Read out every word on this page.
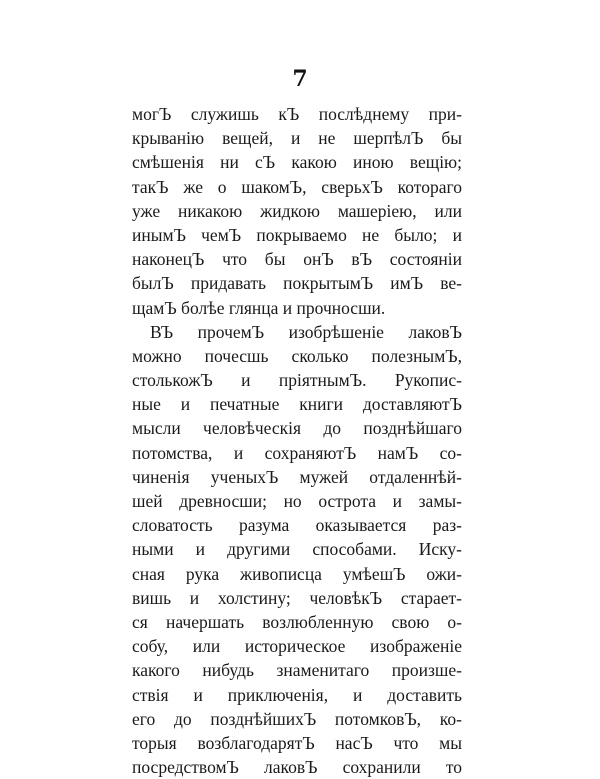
7
могЪ служишь кЪ послѣднему при-
крыванію вещей, и не шерпѣлЪ бы
смѣшенія ни сЪ какою иною вещію;
такЪ же о шакомЪ, сверьхЪ котораго
уже никакою жидкою машеріею, или
инымЪ чемЪ покрываемо не было; и
наконецЪ что бы онЪ вЪ состояніи
былЪ придавать покрытымЪ имЪ ве-
щамЪ болѣе глянца и прочносши.
ВЪ прочемЪ изобрѣшеніе лаковЪ
можно почесшь сколько полезнымЪ,
столькожЪ и пріятнымЪ. Рукопис-
ные и печатные книги доставляютЪ
мысли человѣческія до позднѣйшаго
потомства, и сохраняютЪ намЪ со-
чиненія ученыхЪ мужей отдаленнѣй-
шей древносши; но острота и замы-
словатость разума оказывается раз-
ными и другими способами. Иску-
сная рука живописца умѣешЪ ожи-
вишь и холстину; человѣкЪ старает-
ся начершать возлюбленную свою о-
собу, или историческое изображеніе
какого нибудь знаменитаго произше-
ствія и приключенія, и доставить
его до позднѣйшихЪ потомковЪ, ко-
торыя возблагодарятЪ насЪ что мы
посредствомЪ лаковЪ сохранили то
